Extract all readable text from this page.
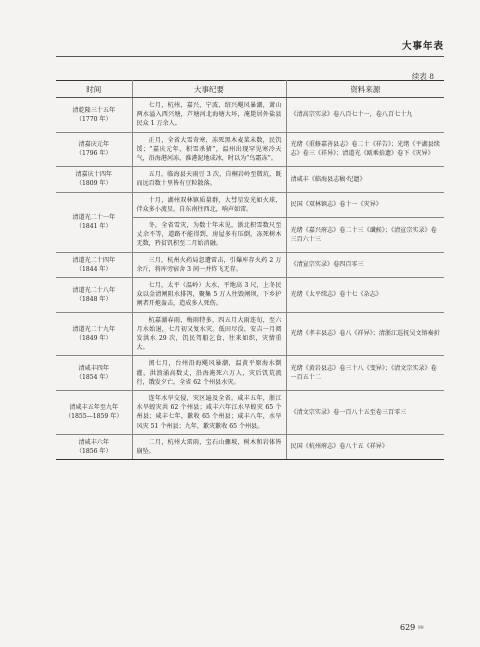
大事年表
续表 8
时间	大事纪要	资料来源

清乾隆三十五年
（1770 年）	七月，杭州、嘉兴、宁波、绍兴飓风暴潮，萧山两水溢入西兴塘，芦塘河北海塘大坏，淹毙居外盐县民众 1 万余人。	《清高宗实录》卷八百七十一，卷八百七十九

清嘉庆元年
（1796 年）	正月，全省大雪奇寒，冻死黑木麦菜未数，民饥馁；“嘉庆元年，积雪杀猪”，温州出现罕见寒冷天气，沿海港河冻，淮港泥地成冰，时以为“鸟霜冻”。	光绪《重修嘉善县志》卷二十《祥告》；光绪《平湖县续志》卷三《祥异》；清道光《瓯乘拾遗》卷下《灾异》

清嘉庆十四年
（1809 年）	五月，临海县天雨豆 3 次，自桐岩岭至微坑，既而远百数十里皆有豆粒散落。	清咸丰《临海县志稿·纪遗》

清道光二十一年
（1841 年）	十月，湖州双林镇质量群，大彗星发光如火球，伴众多小流星，自东南往西北，响声如雷。	民国《双林镇志》卷十一《灾异》
	冬，全省雪灾，为数十年未见，浙北积雪数尺至丈余不等，道路不能得到，房屋多有压倒，冻死树木无数，矜贫饥积至二月始消融。	光绪《嘉兴府志》卷二十三《谶候》；《清宣宗实录》卷三百六十三

清道光二十四年
（1844 年）	三月，杭州火药局忽遭雷击，引爆库存火药 2 万余斤，将库旁宿舍 3 间一并炸飞无存。	《清宣宗实录》卷四百零三

清道光二十八年
（1848 年）	七月，太平（温岭）大水，平地高 3 尺，上冬民众以金清闸阻水排泻，聚集 5 万人往毁闸坝，下乡护闸者开炮轰击，造成多人死伤。	光绪《太平续志》卷十七《杂志》

清道光二十九年
（1849 年）	杭嘉湖春雨，梅雨特多，四五月大雨连旬，至六月水始退，七月初又复水灾。低田尽没，安吉一月阅发洪水 29 次，饥民驾船乞食，往来如织，灾情重大。	光绪《孝丰县志》卷八《祥异》；清浙江巡抚吴文镕奏折

清咸丰四年
（1854 年）	闰七月，台州沿海飓风暴潮，温黄平原海水倒灌，洪浪涌高数丈，沿海淹死六万人，灾后饥荒流行，饿发夕亡。全省 62 个州县水灾。	光绪《黄岩县志》卷三十八《变异》；《清文宗实录》卷一百五十二

清咸丰五年至九年
（1855—1859 年）	连年水旱交侵，灾区遍及全省。咸丰五年，浙江水旱蝗灾共 62 个州县；咸丰六年江水旱蝗灾 65 个州县；咸丰七年，歉收 65 个州县；咸丰八年，水旱风灾 51 个州县；九年，歉灾歉收 65 个州县。	《清文宗实录》卷一百八十五至卷三百零三

清咸丰六年
（1856 年）	二月，杭州大雷雨，宝石山骤坡，树木和岩体皆崩坠。	民国《杭州府志》卷八十五《祥异》
629 $^{99}$
